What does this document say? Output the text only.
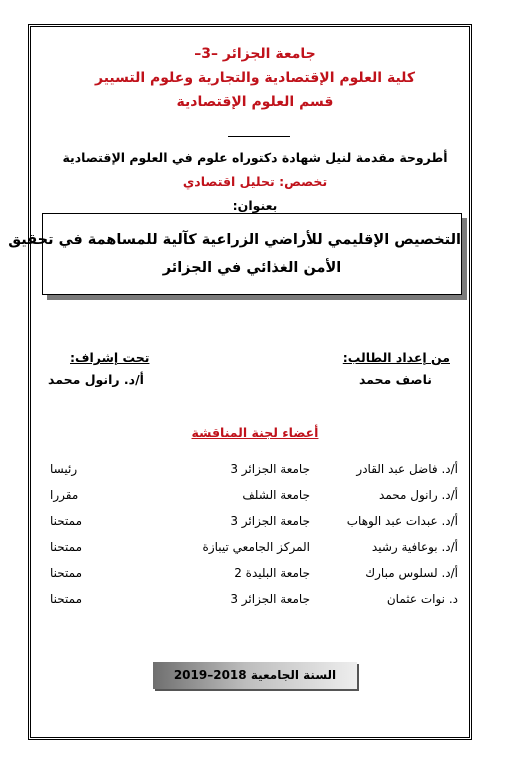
جامعة الجزائر –3–
كلية العلوم الإقتصادية والتجارية وعلوم التسيير
قسم العلوم الإقتصادية
أطروحة مقدمة لنيل شهادة دكتوراه علوم في العلوم الإقتصادية
تخصص: تحليل اقتصادي
بعنوان:
التخصيص الإقليمي للأراضي الزراعية كآلية للمساهمة في تحقيق
الأمن الغذائي في الجزائر
من إعداد الطالب:
ناصف محمد
تحت إشراف:
أ/د. رانول محمد
أعضاء لجنة المناقشة
أ/د. فاضل عبد القادر
جامعة الجزائر 3
رئيسا
أ/د. رانول محمد
جامعة الشلف
مقررا
أ/د. عبدات عبد الوهاب
جامعة الجزائر 3
ممتحنا
أ/د. بوعافية رشيد
المركز الجامعي تيبازة
ممتحنا
أ/د. لسلوس مبارك
جامعة البليدة 2
ممتحنا
د. نوات عثمان
جامعة الجزائر 3
ممتحنا
السنة الجامعية 2018–2019
